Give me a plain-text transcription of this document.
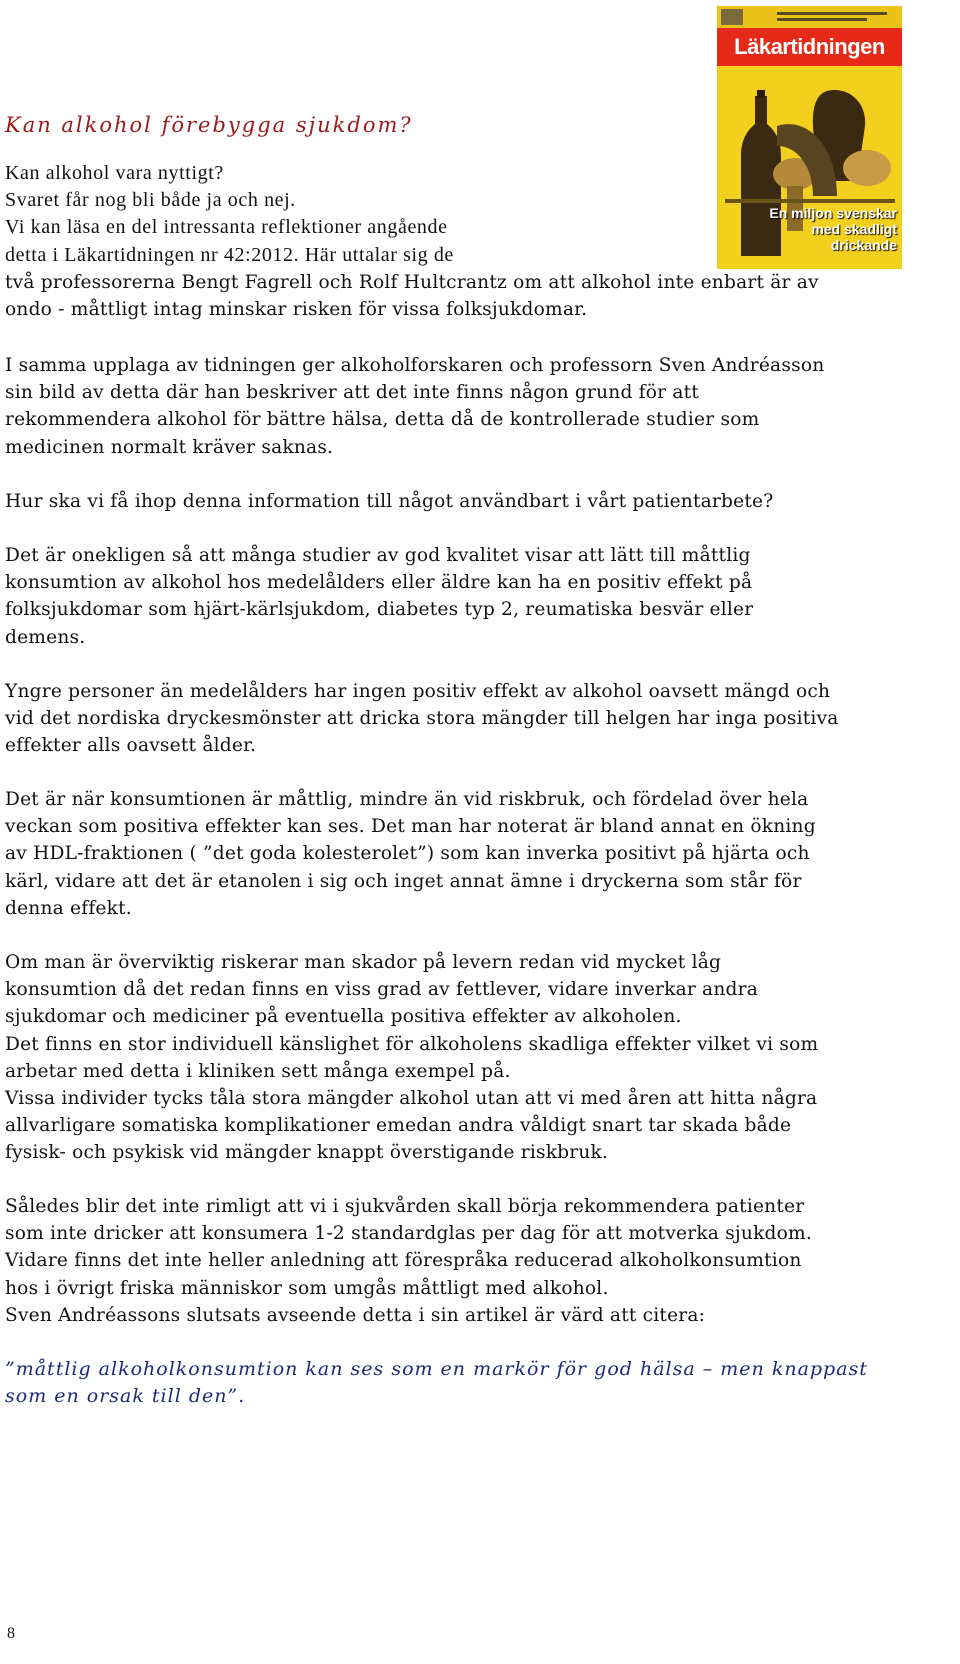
Läkartidningen
En miljon svenskar med skadligt drickande
Kan alkohol förebygga sjukdom?

Kan alkohol vara nyttigt?
Svaret får nog bli både ja och nej.
Vi kan läsa en del intressanta reflektioner angående
detta i Läkartidningen nr 42:2012. Här uttalar sig de
två professorerna Bengt Fagrell och Rolf Hultcrantz om att alkohol inte enbart är av
ondo - måttligt intag minskar risken för vissa folksjukdomar.

I samma upplaga av tidningen ger alkoholforskaren och professorn Sven Andréasson
sin bild av detta där han beskriver att det inte finns någon grund för att
rekommendera alkohol för bättre hälsa, detta då de kontrollerade studier som
medicinen normalt kräver saknas.

Hur ska vi få ihop denna information till något användbart i vårt patientarbete?

Det är onekligen så att många studier av god kvalitet visar att lätt till måttlig
konsumtion av alkohol hos medelålders eller äldre kan ha en positiv effekt på
folksjukdomar som hjärt-kärlsjukdom, diabetes typ 2, reumatiska besvär eller
demens.

Yngre personer än medelålders har ingen positiv effekt av alkohol oavsett mängd och
vid det nordiska dryckesmönster att dricka stora mängder till helgen har inga positiva
effekter alls oavsett ålder.

Det är när konsumtionen är måttlig, mindre än vid riskbruk, och fördelad över hela
veckan som positiva effekter kan ses. Det man har noterat är bland annat en ökning
av HDL-fraktionen ( ”det goda kolesterolet”) som kan inverka positivt på hjärta och
kärl, vidare att det är etanolen i sig och inget annat ämne i dryckerna som står för
denna effekt.

Om man är överviktig riskerar man skador på levern redan vid mycket låg
konsumtion då det redan finns en viss grad av fettlever, vidare inverkar andra
sjukdomar och mediciner på eventuella positiva effekter av alkoholen.
Det finns en stor individuell känslighet för alkoholens skadliga effekter vilket vi som
arbetar med detta i kliniken sett många exempel på.
Vissa individer tycks tåla stora mängder alkohol utan att vi med åren att hitta några
allvarligare somatiska komplikationer emedan andra våldigt snart tar skada både
fysisk- och psykisk vid mängder knappt överstigande riskbruk.

Således blir det inte rimligt att vi i sjukvården skall börja rekommendera patienter
som inte dricker att konsumera 1-2 standardglas per dag för att motverka sjukdom.
Vidare finns det inte heller anledning att förespråka reducerad alkoholkonsumtion
hos i övrigt friska människor som umgås måttligt med alkohol.
Sven Andréassons slutsats avseende detta i sin artikel är värd att citera:

”måttlig alkoholkonsumtion kan ses som en markör för god hälsa – men knappast
som en orsak till den”.

8
